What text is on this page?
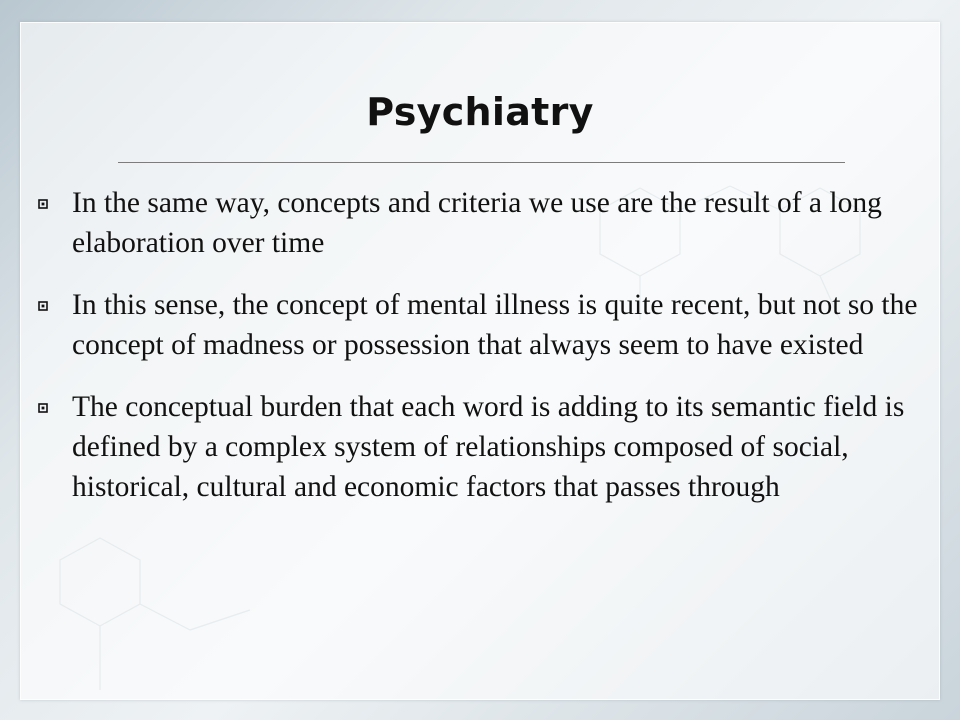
Psychiatry
In the same way, concepts and criteria we use are the result of a long elaboration over time
In this sense, the concept of mental illness is quite recent, but not so the concept of madness or possession that always seem to have existed
The conceptual burden that each word is adding to its semantic field is defined by a complex system of relationships composed of social, historical, cultural and economic factors that passes through
